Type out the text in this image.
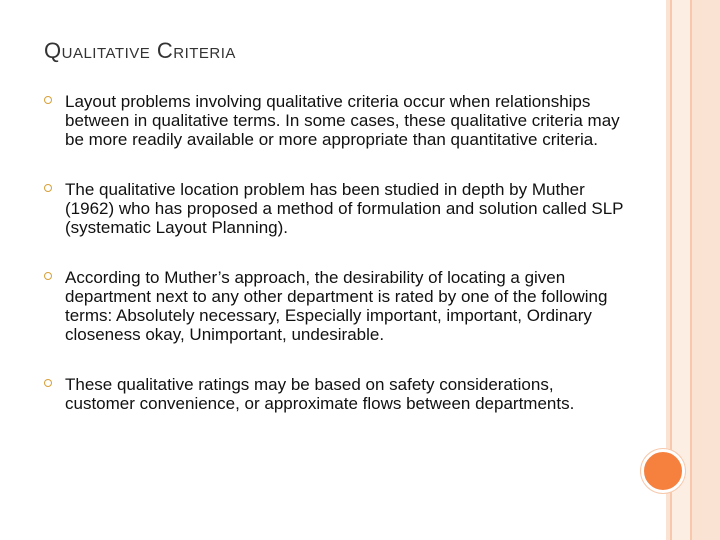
Qualitative Criteria
Layout problems involving qualitative criteria occur when relationships between in qualitative terms. In some cases, these qualitative criteria may be more readily available or more appropriate than quantitative criteria.
The qualitative location problem has been studied in depth by Muther (1962) who has proposed a method of formulation and solution called SLP (systematic Layout Planning).
According to Muther’s approach, the desirability of locating a given department next to any other department is rated by one of the following terms: Absolutely necessary, Especially important, important, Ordinary closeness okay, Unimportant, undesirable.
These qualitative ratings may be based on safety considerations, customer convenience, or approximate flows between departments.
